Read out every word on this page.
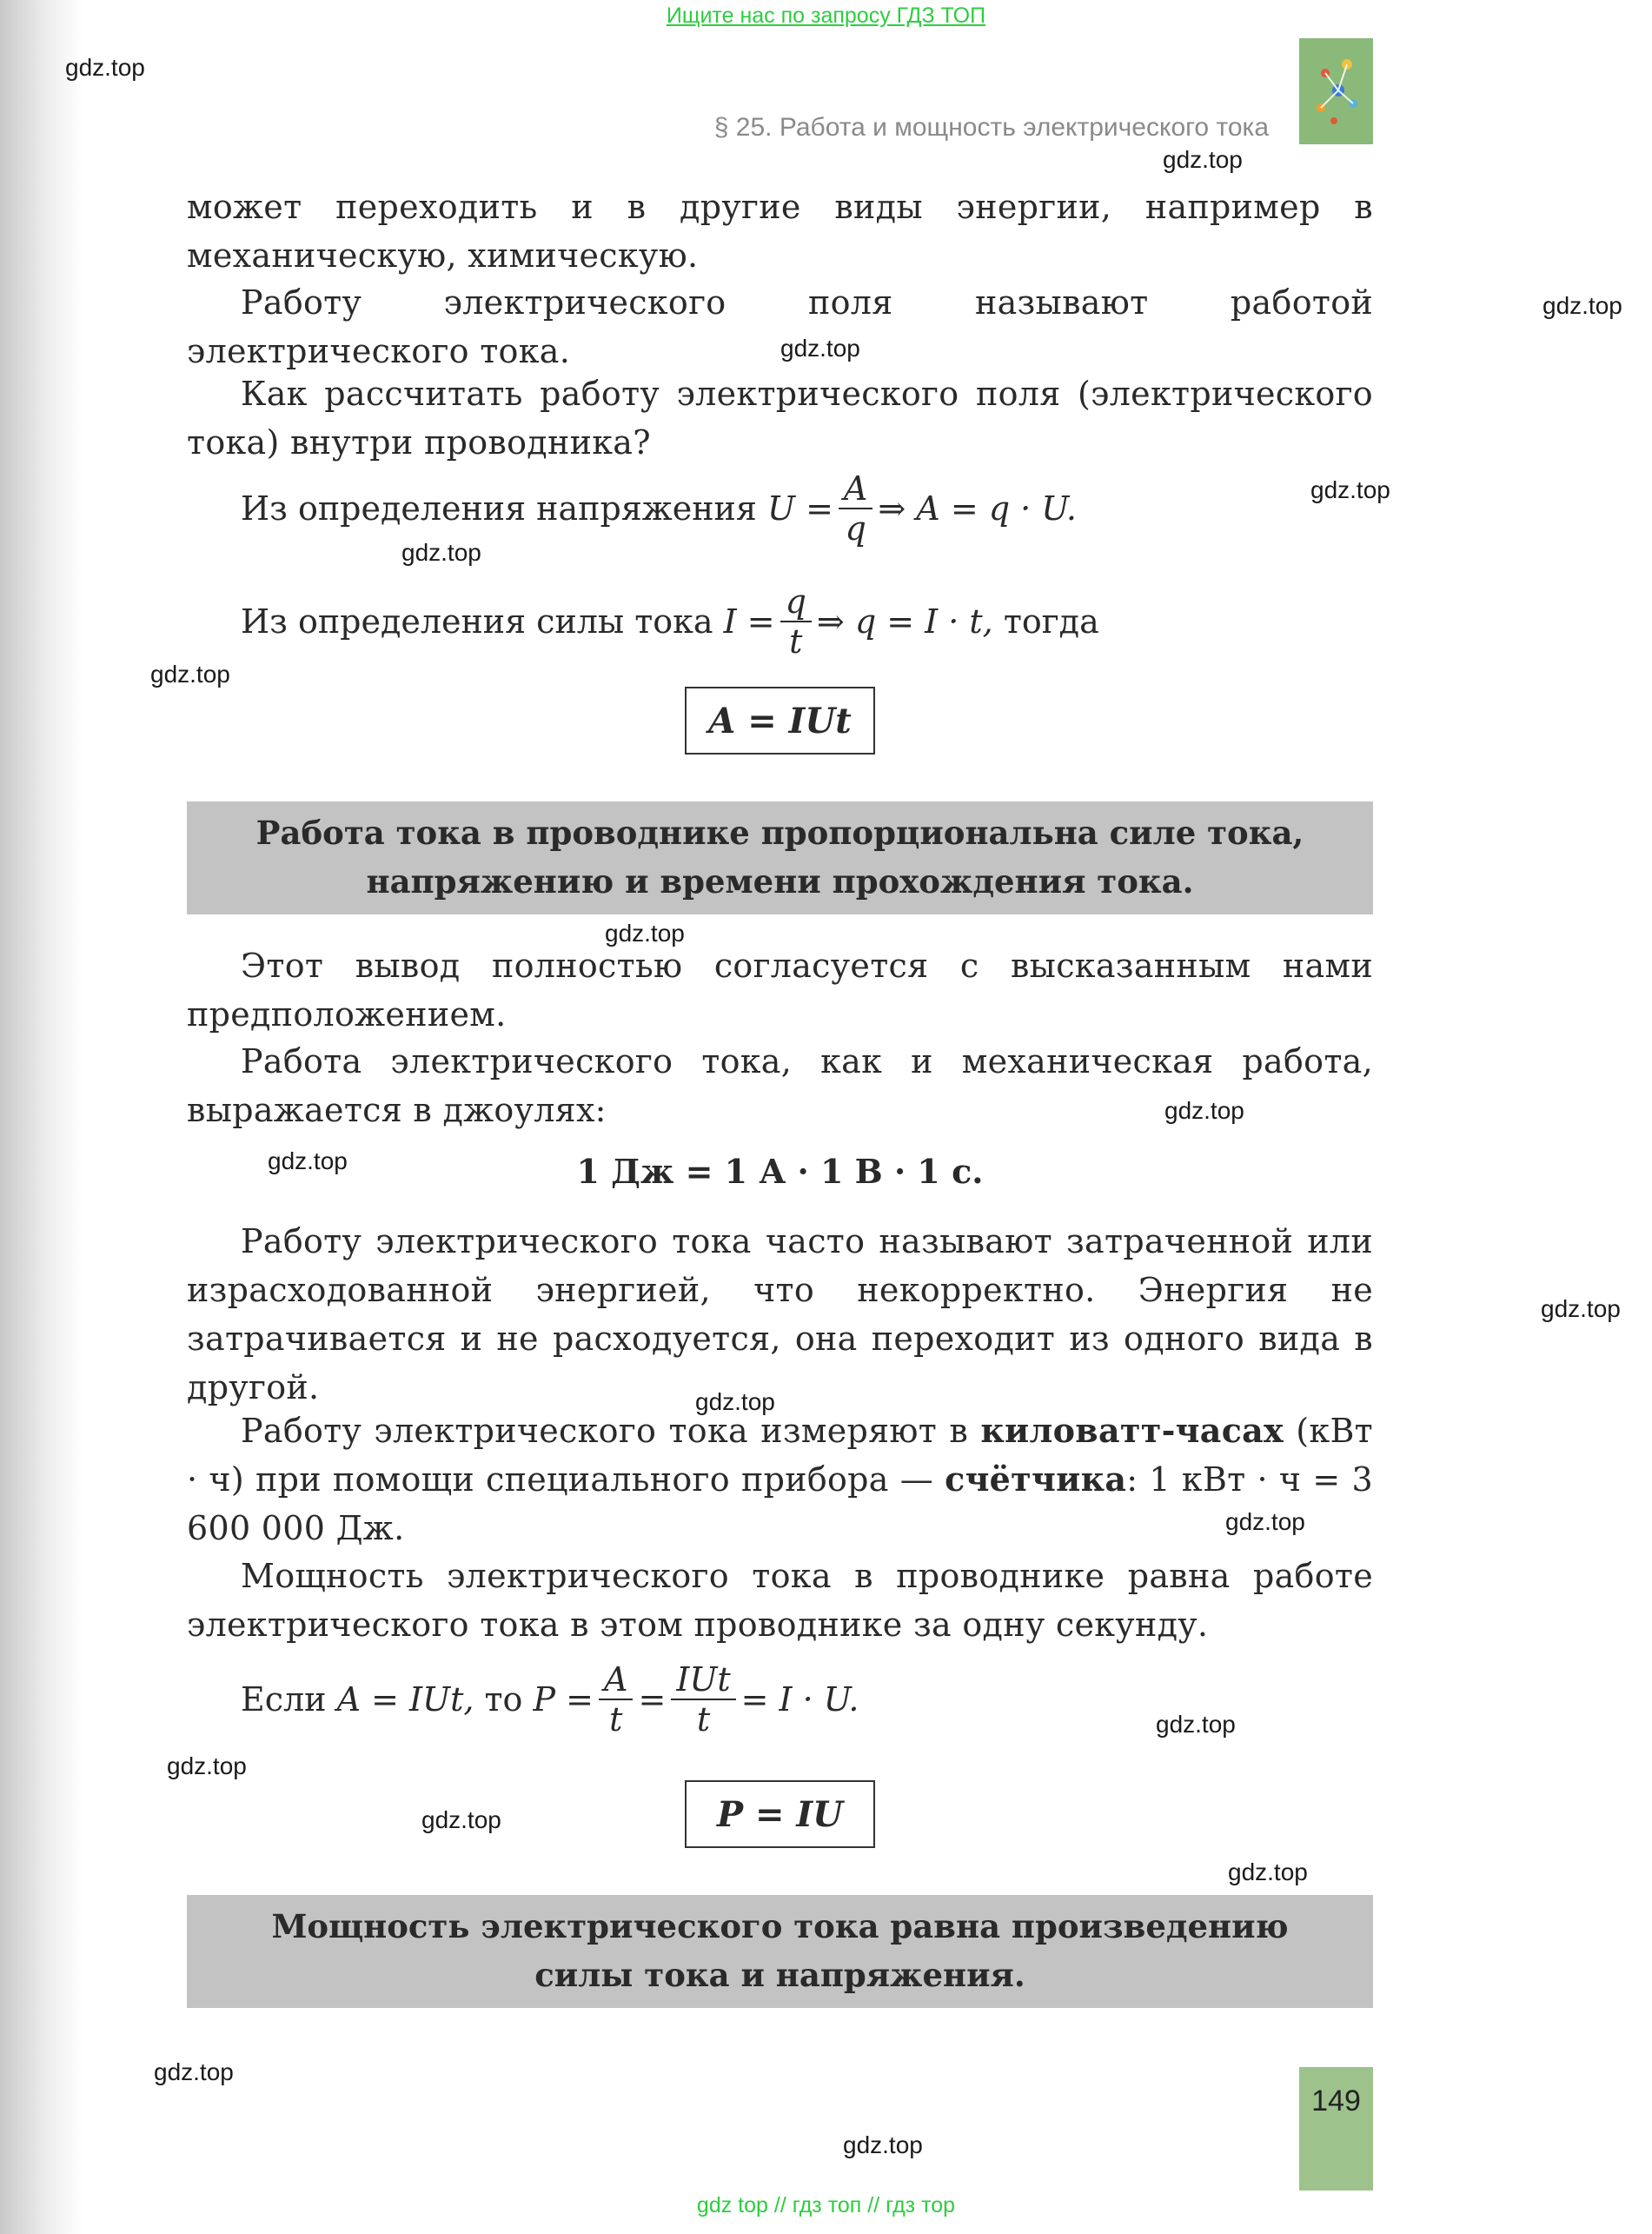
Ищите нас по запросу ГДЗ ТОП
§ 25. Работа и мощность электрического тока
может переходить и в другие виды энергии, например в механическую, химическую.
Работу электрического поля называют работой электрического тока.
Как рассчитать работу электрического поля (электрического тока) внутри проводника?
Из определения напряжения
$U = \frac{A}{q}$ ⇒ A = q · U.
Из определения силы тока
$I = \frac{q}{t}$ ⇒ q = I · t,
тогда
A = IUt
Работа тока в проводнике пропорциональна силе тока,
напряжению и времени прохождения тока.
Этот вывод полностью согласуется с высказанным нами предположением.
Работа электрического тока, как и механическая работа, выражается в джоулях:
1 Дж = 1 А · 1 В · 1 с.
Работу электрического тока часто называют затраченной или израсходованной энергией, что некорректно. Энергия не затрачивается и не расходуется, она переходит из одного вида в другой.
Работу электрического тока измеряют в киловатт-часах (кВт · ч) при помощи специального прибора — счётчика: 1 кВт · ч = 3 600 000 Дж.
Мощность электрического тока в проводнике равна работе электрического тока в этом проводнике за одну секунду.
Если
A = IUt,
то
$P = \frac{A}{t} = \frac{\text{IUt}}{t} = I \cdot U$.
P = IU
Мощность электрического тока равна произведению
силы тока и напряжения.
149
gdz.top
gdz.top
gdz.top
gdz.top
gdz.top
gdz.top
gdz.top
gdz.top
gdz.top
gdz.top
gdz.top
gdz.top
gdz.top
gdz.top
gdz.top
gdz.top
gdz.top
gdz.top
gdz.top
gdz top // гдз топ // гдз тор
